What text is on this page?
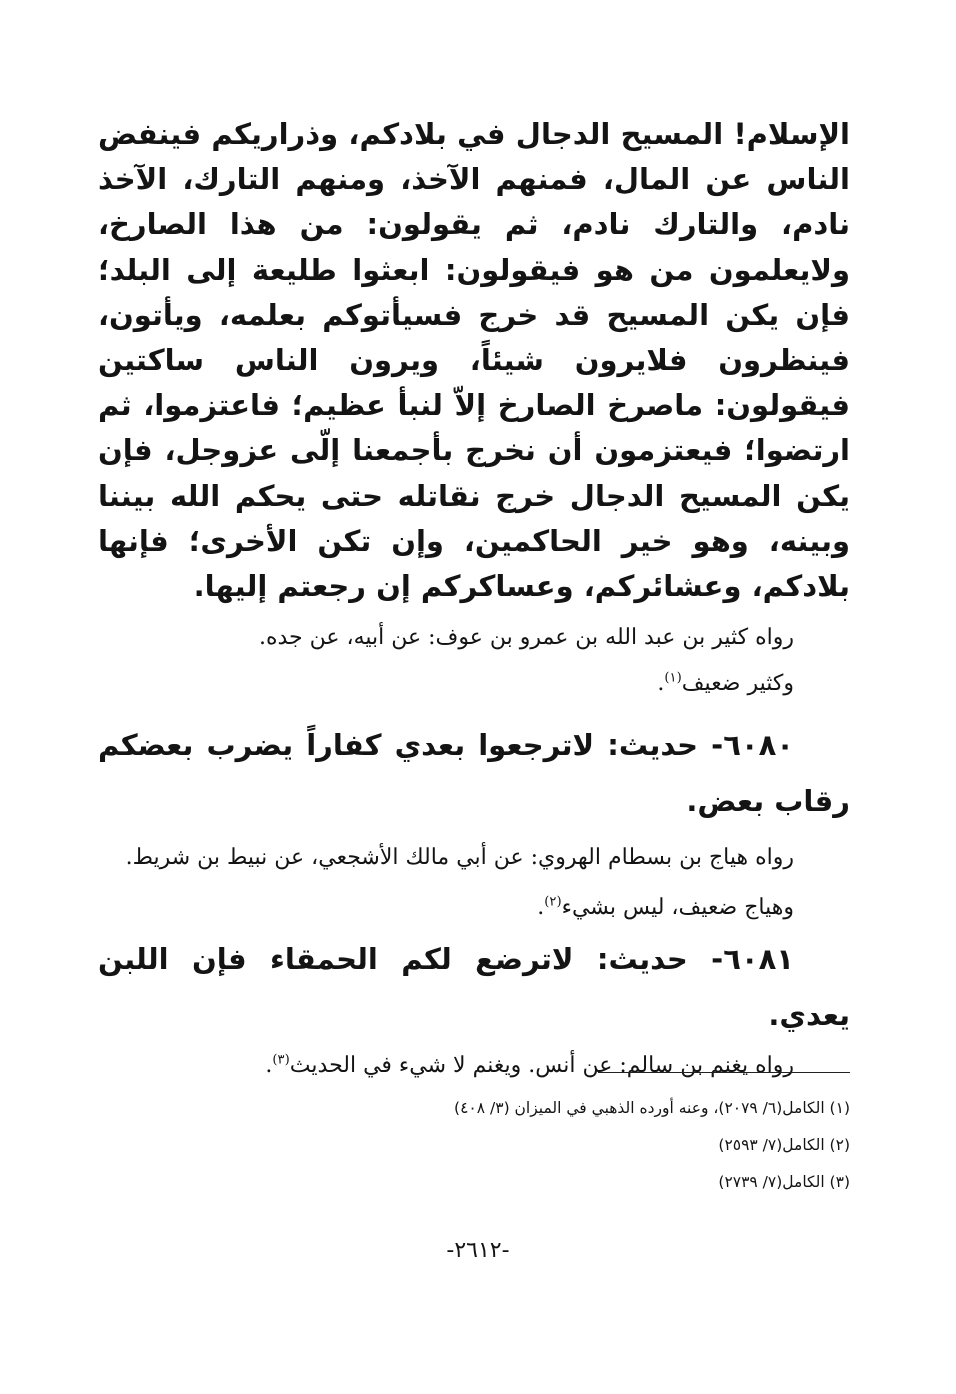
الإسلام! المسيح الدجال في بلادكم، وذراريكم فينفض الناس عن المال، فمنهم الآخذ، ومنهم التارك، الآخذ نادم، والتارك نادم، ثم يقولون: من هذا الصارخ، ولايعلمون من هو فيقولون: ابعثوا طليعة إلى البلد؛ فإن يكن المسيح قد خرج فسيأتوكم بعلمه، ويأتون، فينظرون فلايرون شيئاً، ويرون الناس ساكتين فيقولون: ماصرخ الصارخ إلاّ لنبأ عظيم؛ فاعتزموا، ثم ارتضوا؛ فيعتزمون أن نخرج بأجمعنا إلّى عزوجل، فإن يكن المسيح الدجال خرج نقاتله حتى يحكم الله بيننا وبينه، وهو خير الحاكمين، وإن تكن الأخرى؛ فإنها بلادكم، وعشائركم، وعساكركم إن رجعتم إليها.

رواه كثير بن عبد الله بن عمرو بن عوف: عن أبيه، عن جده.

وكثير ضعيف$^{(١)}$.

٦٠٨٠- حديث: لاترجعوا بعدي كفاراً يضرب بعضكم رقاب بعض.

رواه هياج بن بسطام الهروي: عن أبي مالك الأشجعي، عن نبيط بن شريط.

وهياج ضعيف، ليس بشيء$^{(٢)}$.

٦٠٨١- حديث: لاترضع لكم الحمقاء فإن اللبن يعدي.

رواه يغنم بن سالم: عن أنس. ويغنم لا شيء في الحديث$^{(٣)}$.

(١) الكامل(٦/ ٢٠٧٩)، وعنه أورده الذهبي في الميزان (٣/ ٤٠٨)
(٢) الكامل(٧/ ٢٥٩٣)
(٣) الكامل(٧/ ٢٧٣٩)
-٢٦١٢-
